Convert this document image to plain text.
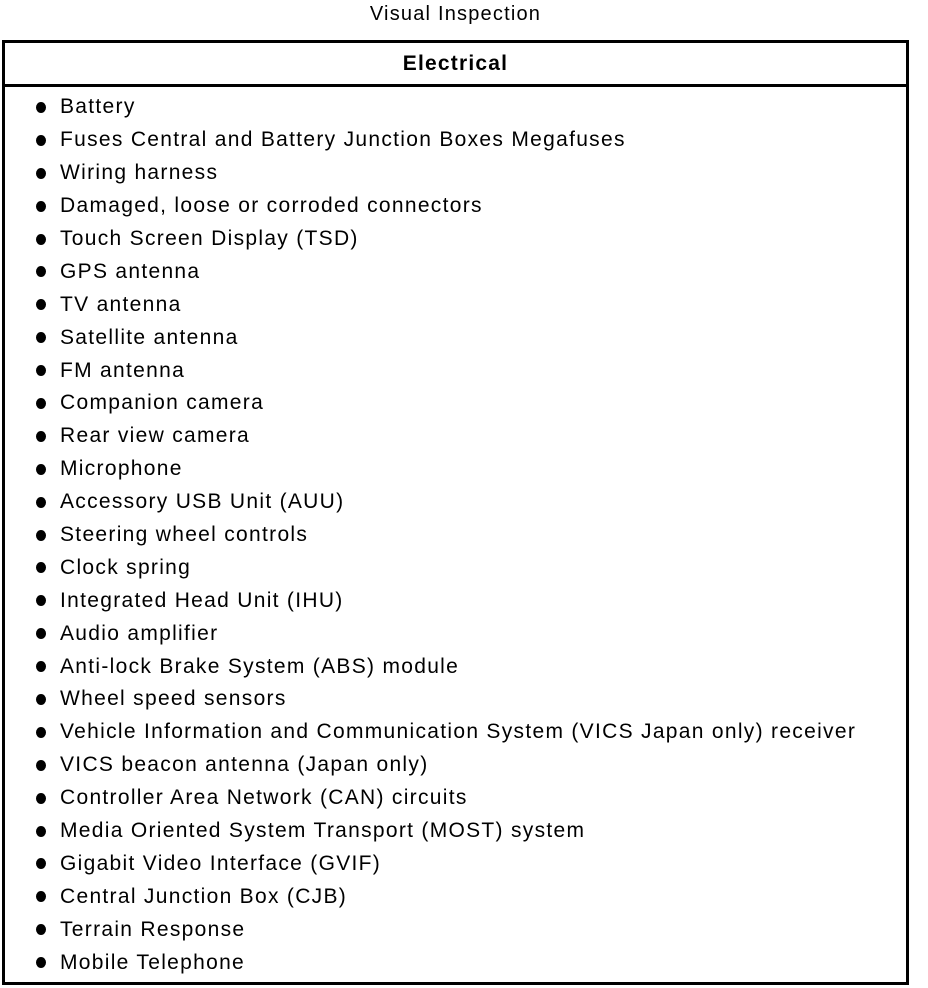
Visual Inspection
Electrical
Battery
Fuses Central and Battery Junction Boxes Megafuses
Wiring harness
Damaged, loose or corroded connectors
Touch Screen Display (TSD)
GPS antenna
TV antenna
Satellite antenna
FM antenna
Companion camera
Rear view camera
Microphone
Accessory USB Unit (AUU)
Steering wheel controls
Clock spring
Integrated Head Unit (IHU)
Audio amplifier
Anti-lock Brake System (ABS) module
Wheel speed sensors
Vehicle Information and Communication System (VICS Japan only) receiver
VICS beacon antenna (Japan only)
Controller Area Network (CAN) circuits
Media Oriented System Transport (MOST) system
Gigabit Video Interface (GVIF)
Central Junction Box (CJB)
Terrain Response
Mobile Telephone
